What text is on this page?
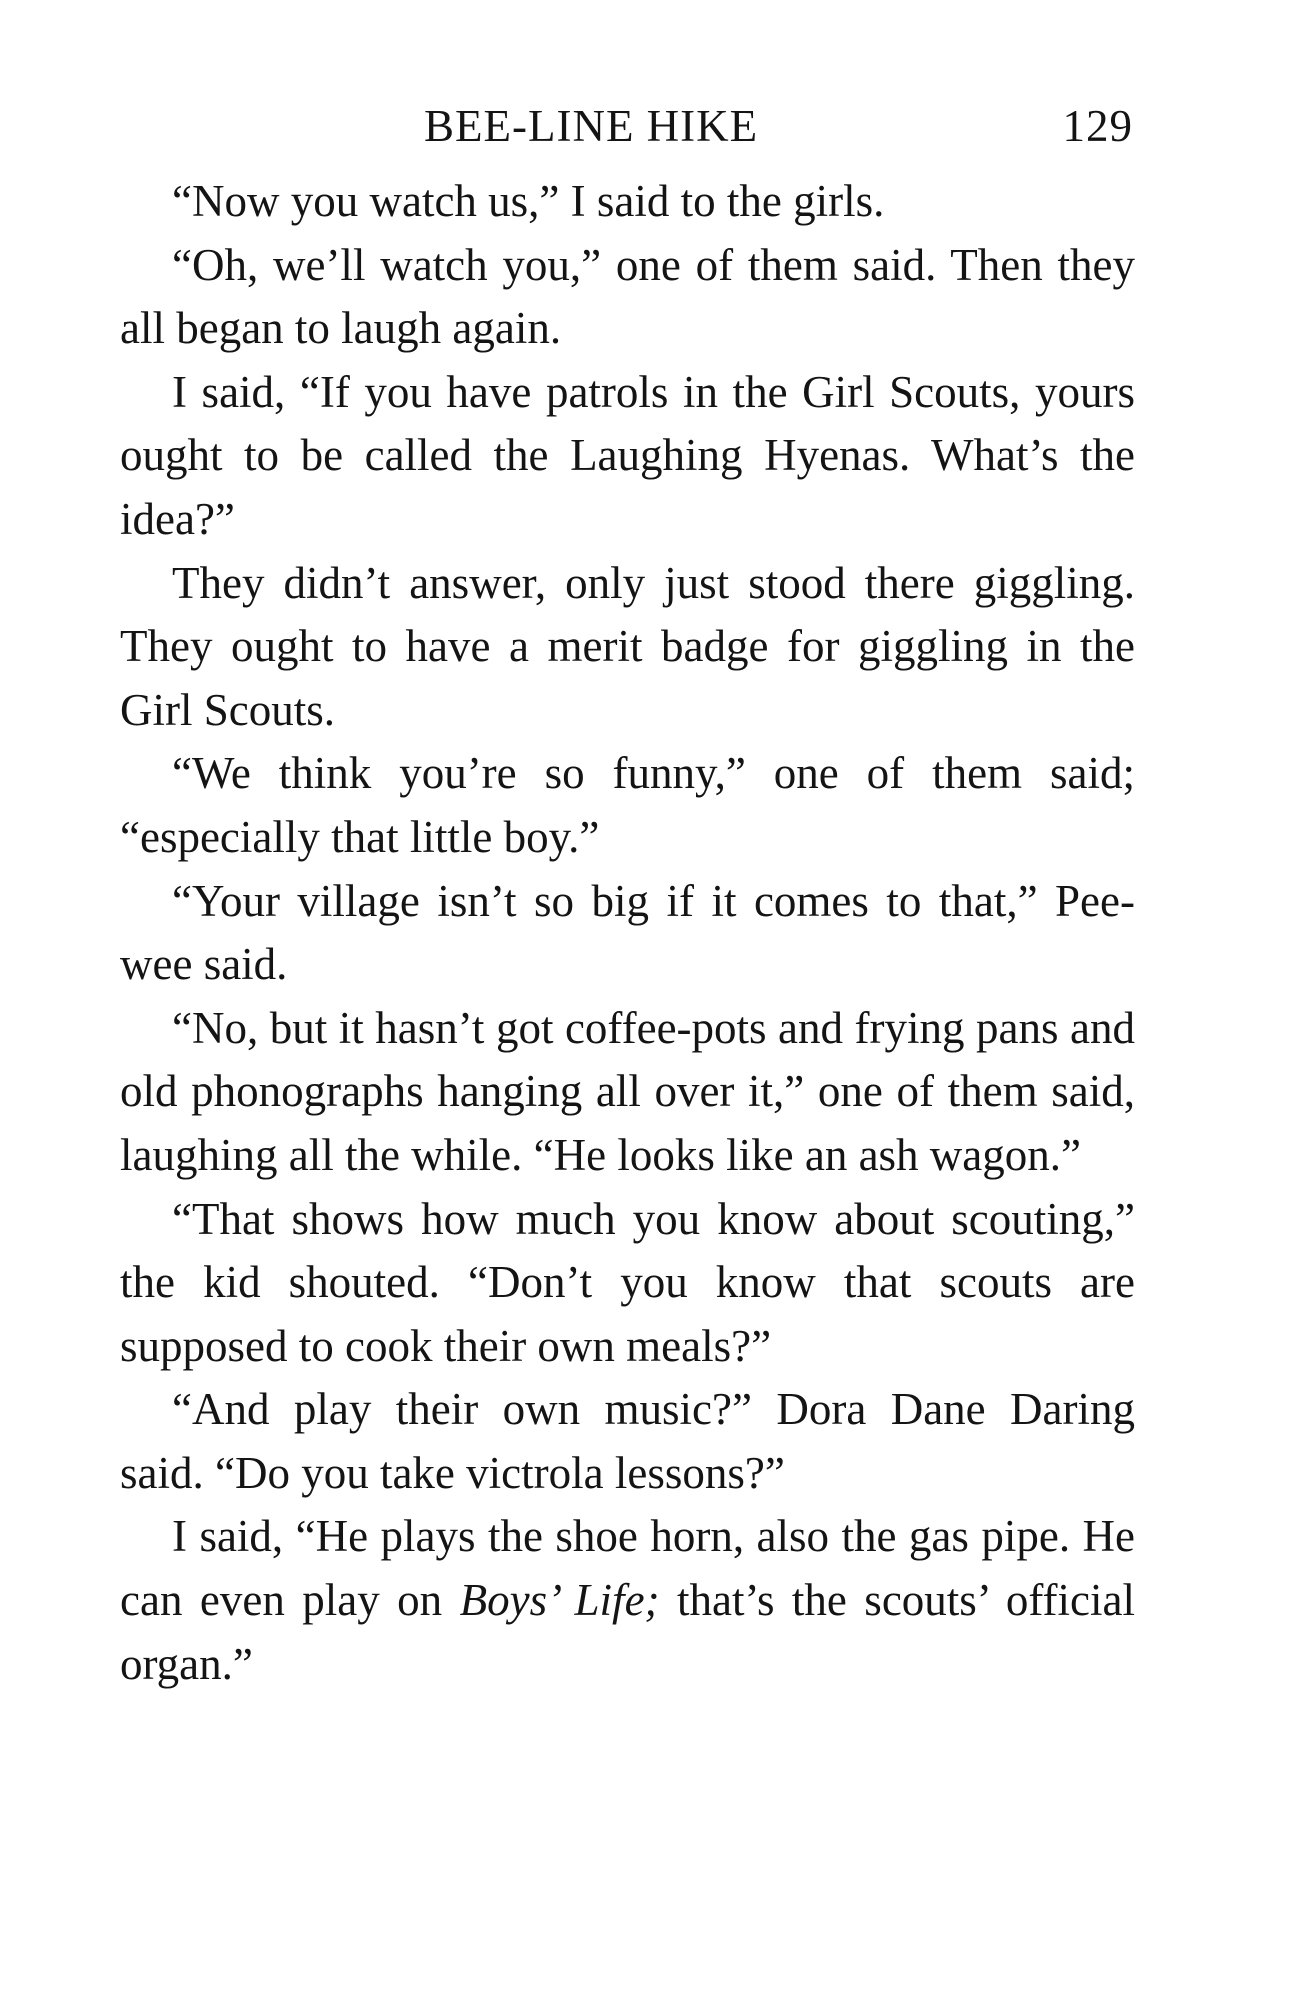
BEE-LINE HIKE	129

“Now you watch us,” I said to the girls.

“Oh, we’ll watch you,” one of them said. Then they all began to laugh again.

I said, “If you have patrols in the Girl Scouts, yours ought to be called the Laughing Hyenas. What’s the idea?”

They didn’t answer, only just stood there giggling. They ought to have a merit badge for giggling in the Girl Scouts.

“We think you’re so funny,” one of them said; “especially that little boy.”

“Your village isn’t so big if it comes to that,” Pee-wee said.

“No, but it hasn’t got coffee-pots and frying pans and old phonographs hanging all over it,” one of them said, laughing all the while. “He looks like an ash wagon.”

“That shows how much you know about scouting,” the kid shouted. “Don’t you know that scouts are supposed to cook their own meals?”

“And play their own music?” Dora Dane Daring said. “Do you take victrola lessons?”

I said, “He plays the shoe horn, also the gas pipe. He can even play on Boys’ Life; that’s the scouts’ official organ.”
